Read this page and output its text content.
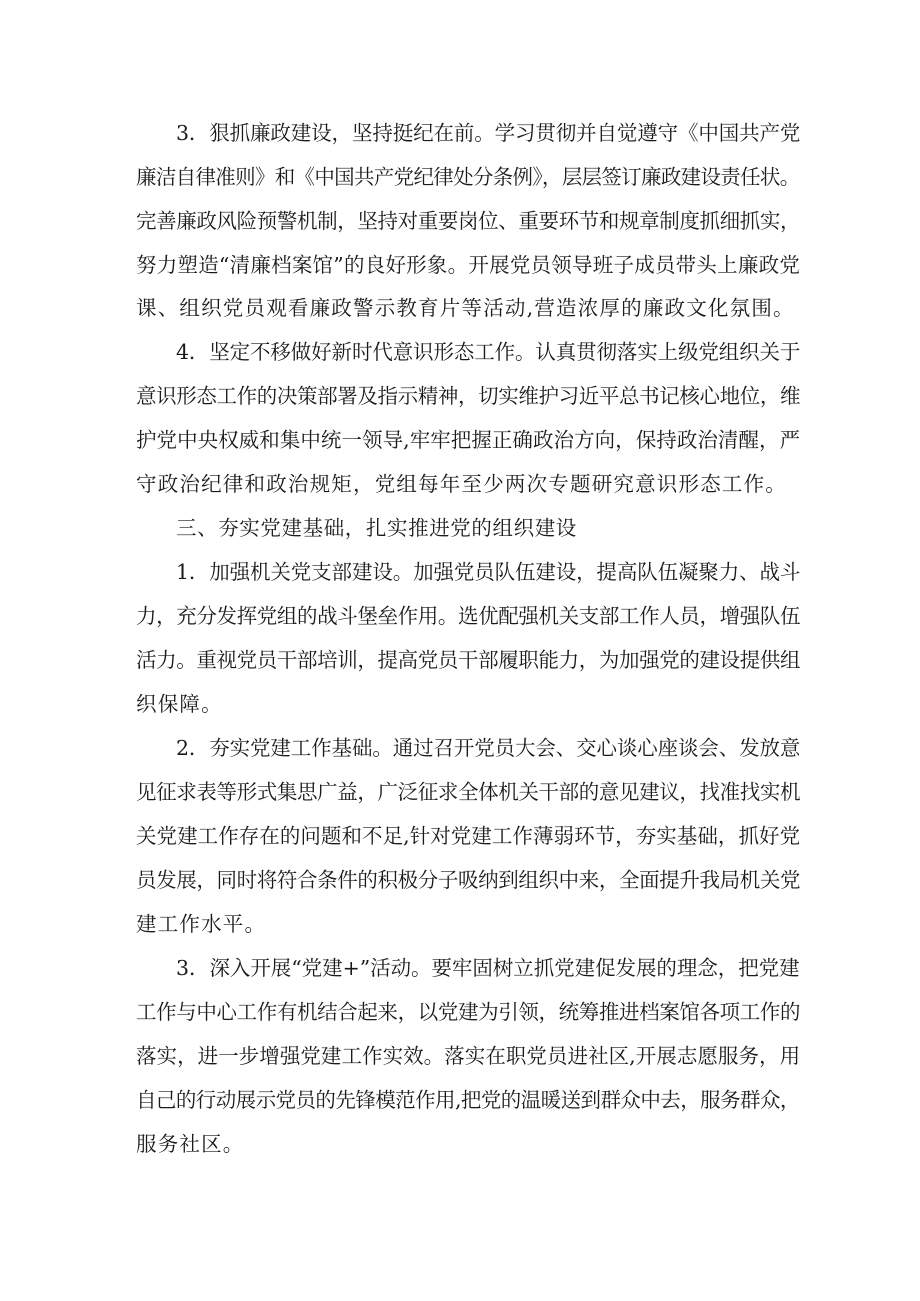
3．狠抓廉政建设，坚持挺纪在前。学习贯彻并自觉遵守《中国共产党
廉洁自律准则》和《中国共产党纪律处分条例》，层层签订廉政建设责任状。
完善廉政风险预警机制，坚持对重要岗位、重要环节和规章制度抓细抓实，
努力塑造“清廉档案馆”的良好形象。开展党员领导班子成员带头上廉政党
课、组织党员观看廉政警示教育片等活动,营造浓厚的廉政文化氛围。
4．坚定不移做好新时代意识形态工作。认真贯彻落实上级党组织关于
意识形态工作的决策部署及指示精神，切实维护习近平总书记核心地位，维
护党中央权威和集中统一领导,牢牢把握正确政治方向，保持政治清醒，严
守政治纪律和政治规矩，党组每年至少两次专题研究意识形态工作。
三、夯实党建基础，扎实推进党的组织建设
1．加强机关党支部建设。加强党员队伍建设，提高队伍凝聚力、战斗
力，充分发挥党组的战斗堡垒作用。选优配强机关支部工作人员，增强队伍
活力。重视党员干部培训，提高党员干部履职能力，为加强党的建设提供组
织保障。
2．夯实党建工作基础。通过召开党员大会、交心谈心座谈会、发放意
见征求表等形式集思广益，广泛征求全体机关干部的意见建议，找准找实机
关党建工作存在的问题和不足,针对党建工作薄弱环节，夯实基础，抓好党
员发展，同时将符合条件的积极分子吸纳到组织中来，全面提升我局机关党
建工作水平。
3．深入开展“党建+”活动。要牢固树立抓党建促发展的理念，把党建
工作与中心工作有机结合起来，以党建为引领，统筹推进档案馆各项工作的
落实，进一步增强党建工作实效。落实在职党员进社区,开展志愿服务，用
自己的行动展示党员的先锋模范作用,把党的温暖送到群众中去，服务群众，
服务社区。
